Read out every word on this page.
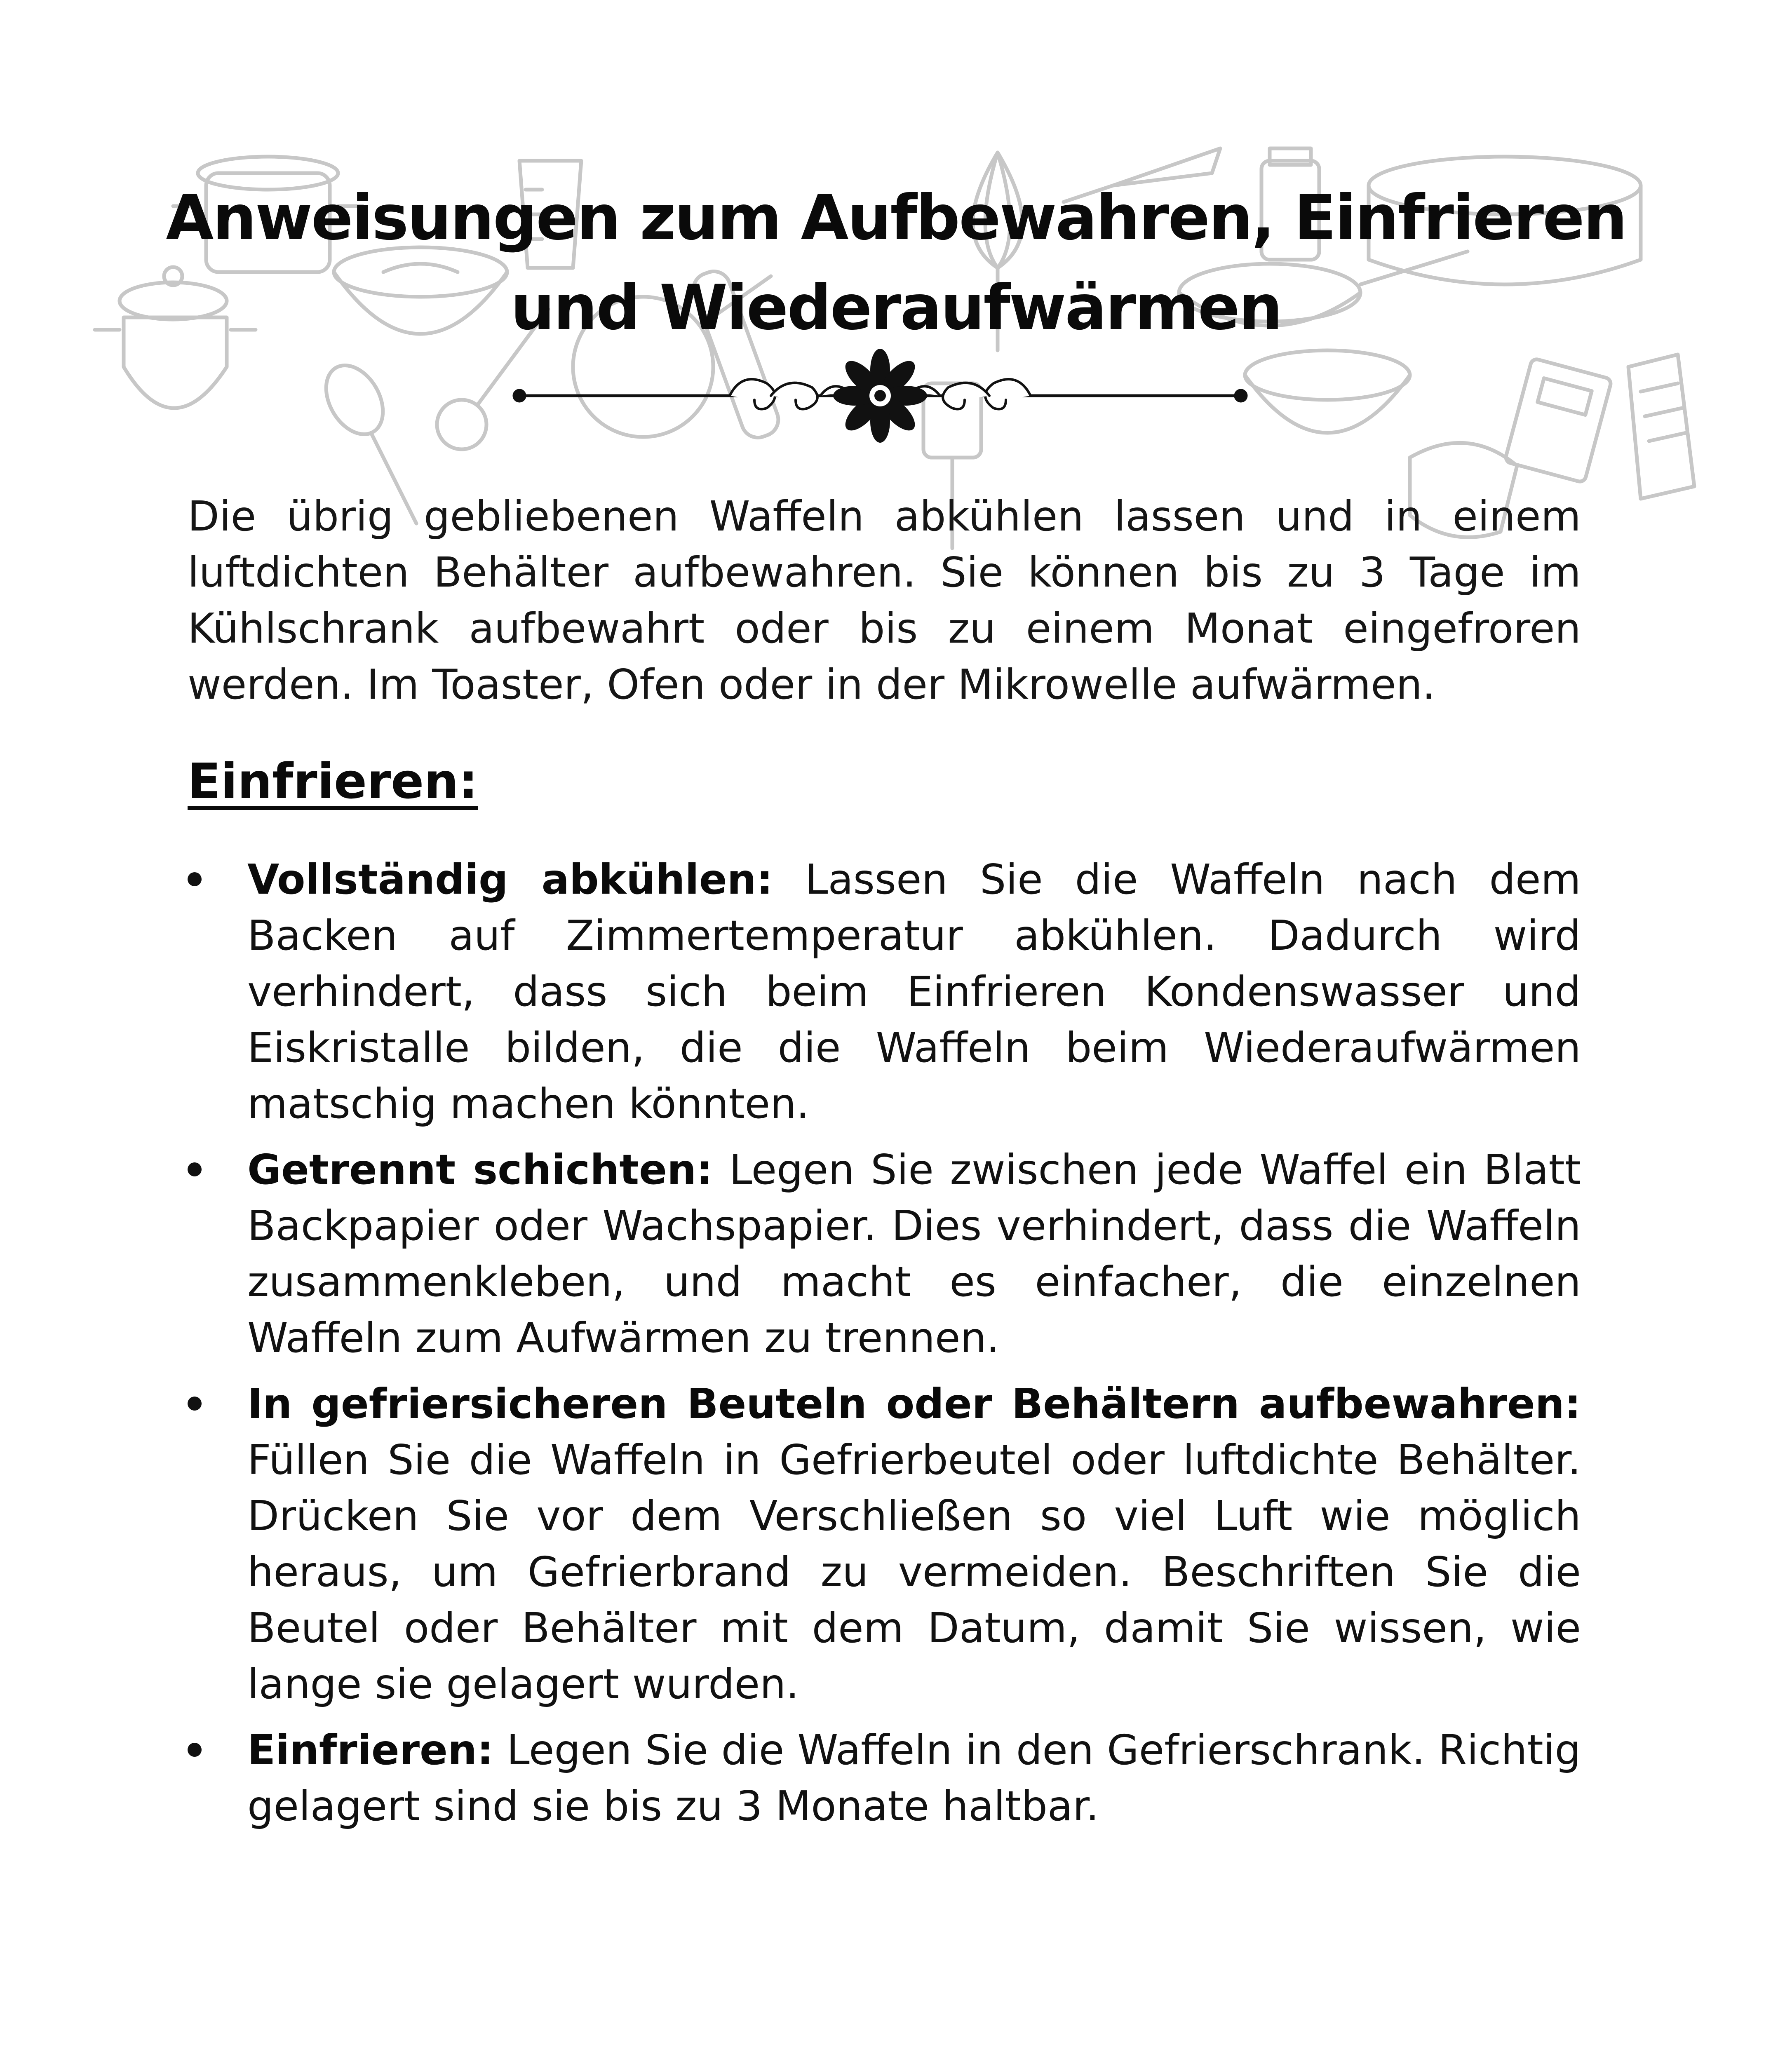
Anweisungen zum Aufbewahren, Einfrieren
und Wiederaufwärmen

Die übrig gebliebenen Waffeln abkühlen lassen und in einem luftdichten Behälter aufbewahren. Sie können bis zu 3 Tage im Kühlschrank aufbewahrt oder bis zu einem Monat eingefroren werden. Im Toaster, Ofen oder in der Mikrowelle aufwärmen.

Einfrieren:
Vollständig abkühlen: Lassen Sie die Waffeln nach dem Backen auf Zimmertemperatur abkühlen. Dadurch wird verhindert, dass sich beim Einfrieren Kondenswasser und Eiskristalle bilden, die die Waffeln beim Wiederaufwärmen matschig machen könnten.
Getrennt schichten: Legen Sie zwischen jede Waffel ein Blatt Backpapier oder Wachspapier. Dies verhindert, dass die Waffeln zusammenkleben, und macht es einfacher, die einzelnen Waffeln zum Aufwärmen zu trennen.
In gefriersicheren Beuteln oder Behältern aufbewahren: Füllen Sie die Waffeln in Gefrierbeutel oder luftdichte Behälter. Drücken Sie vor dem Verschließen so viel Luft wie möglich heraus, um Gefrierbrand zu vermeiden. Beschriften Sie die Beutel oder Behälter mit dem Datum, damit Sie wissen, wie lange sie gelagert wurden.
Einfrieren: Legen Sie die Waffeln in den Gefrierschrank. Richtig gelagert sind sie bis zu 3 Monate haltbar.
